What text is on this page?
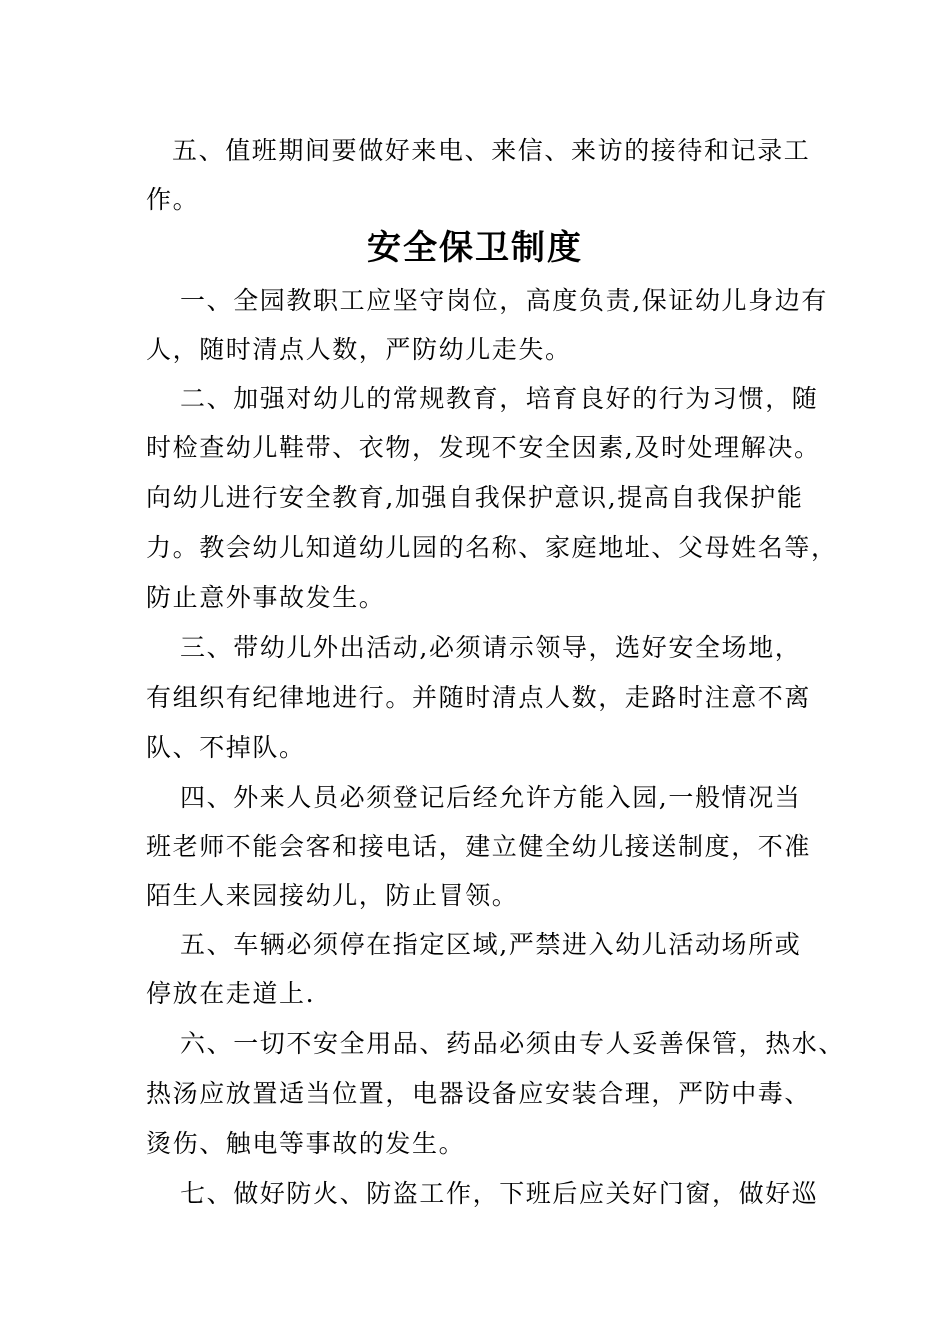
五、值班期间要做好来电、来信、来访的接待和记录工
作。
安全保卫制度
一、全园教职工应坚守岗位，高度负责,保证幼儿身边有
人，随时清点人数，严防幼儿走失。
二、加强对幼儿的常规教育，培育良好的行为习惯，随
时检查幼儿鞋带、衣物，发现不安全因素,及时处理解决。
向幼儿进行安全教育,加强自我保护意识,提高自我保护能
力。教会幼儿知道幼儿园的名称、家庭地址、父母姓名等，
防止意外事故发生。
三、带幼儿外出活动,必须请示领导，选好安全场地，
有组织有纪律地进行。并随时清点人数，走路时注意不离
队、不掉队。
四、外来人员必须登记后经允许方能入园,一般情况当
班老师不能会客和接电话，建立健全幼儿接送制度，不准
陌生人来园接幼儿，防止冒领。
五、车辆必须停在指定区域,严禁进入幼儿活动场所或
停放在走道上.
六、一切不安全用品、药品必须由专人妥善保管，热水、
热汤应放置适当位置，电器设备应安装合理，严防中毒、
烫伤、触电等事故的发生。
七、做好防火、防盗工作，下班后应关好门窗，做好巡
